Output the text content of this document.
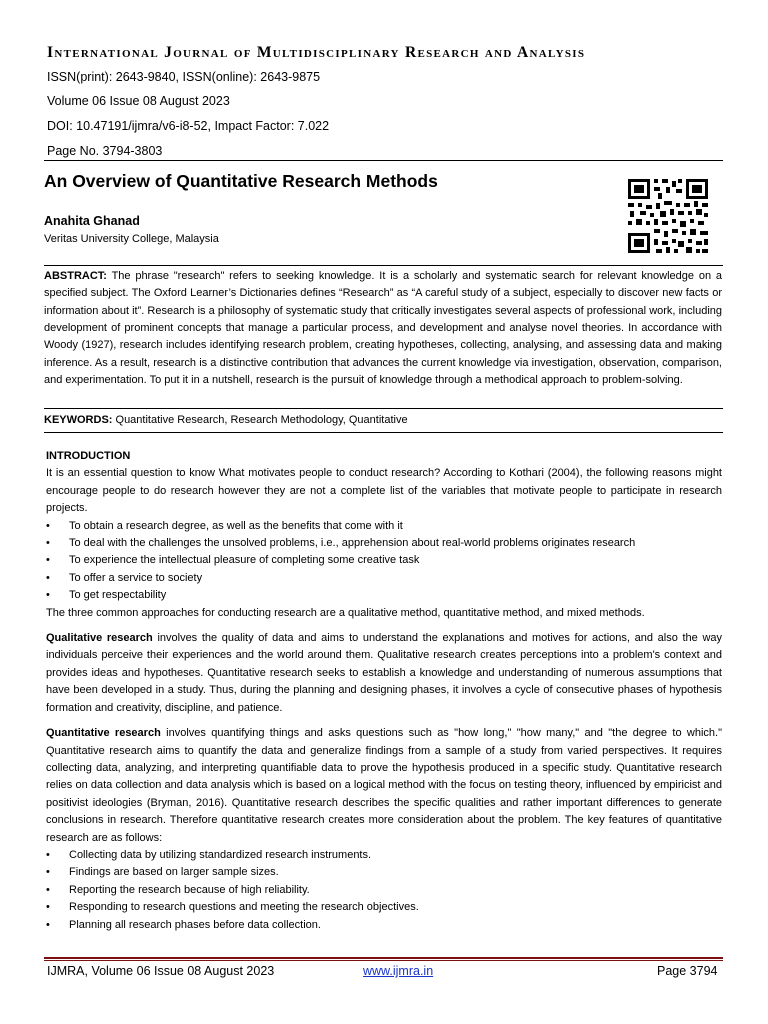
International Journal of Multidisciplinary Research and Analysis
ISSN(print): 2643-9840, ISSN(online): 2643-9875
Volume 06 Issue 08 August 2023
DOI: 10.47191/ijmra/v6-i8-52, Impact Factor: 7.022
Page No. 3794-3803
An Overview of Quantitative Research Methods
Anahita Ghanad
Veritas University College, Malaysia

ABSTRACT: The phrase "research" refers to seeking knowledge. It is a scholarly and systematic search for relevant knowledge on a specified subject. The Oxford Learner’s Dictionaries defines “Research” as “A careful study of a subject, especially to discover new facts or information about it”. Research is a philosophy of systematic study that critically investigates several aspects of professional work, including development of prominent concepts that manage a particular process, and development and analyse novel theories. In accordance with Woody (1927), research includes identifying research problem, creating hypotheses, collecting, analysing, and assessing data and making inference. As a result, research is a distinctive contribution that advances the current knowledge via investigation, observation, comparison, and experimentation. To put it in a nutshell, research is the pursuit of knowledge through a methodical approach to problem-solving.

KEYWORDS: Quantitative Research, Research Methodology, Quantitative

INTRODUCTION

It is an essential question to know What motivates people to conduct research? According to Kothari (2004), the following reasons might encourage people to do research however they are not a complete list of the variables that motivate people to participate in research projects.

• To obtain a research degree, as well as the benefits that come with it
• To deal with the challenges the unsolved problems, i.e., apprehension about real-world problems originates research
• To experience the intellectual pleasure of completing some creative task
• To offer a service to society
• To get respectability

The three common approaches for conducting research are a qualitative method, quantitative method, and mixed methods.

Qualitative research involves the quality of data and aims to understand the explanations and motives for actions, and also the way individuals perceive their experiences and the world around them. Qualitative research creates perceptions into a problem's context and provides ideas and hypotheses. Quantitative research seeks to establish a knowledge and understanding of numerous assumptions that have been developed in a study. Thus, during the planning and designing phases, it involves a cycle of consecutive phases of hypothesis formation and creativity, discipline, and patience.

Quantitative research involves quantifying things and asks questions such as "how long," "how many," and "the degree to which." Quantitative research aims to quantify the data and generalize findings from a sample of a study from varied perspectives. It requires collecting data, analyzing, and interpreting quantifiable data to prove the hypothesis produced in a specific study. Quantitative research relies on data collection and data analysis which is based on a logical method with the focus on testing theory, influenced by empiricist and positivist ideologies (Bryman, 2016). Quantitative research describes the specific qualities and rather important differences to generate conclusions in research. Therefore quantitative research creates more consideration about the problem. The key features of quantitative research are as follows:

• Collecting data by utilizing standardized research instruments.
• Findings are based on larger sample sizes.
• Reporting the research because of high reliability.
• Responding to research questions and meeting the research objectives.
• Planning all research phases before data collection.
IJMRA, Volume 06 Issue 08 August 2023	www.ijmra.in	Page 3794
